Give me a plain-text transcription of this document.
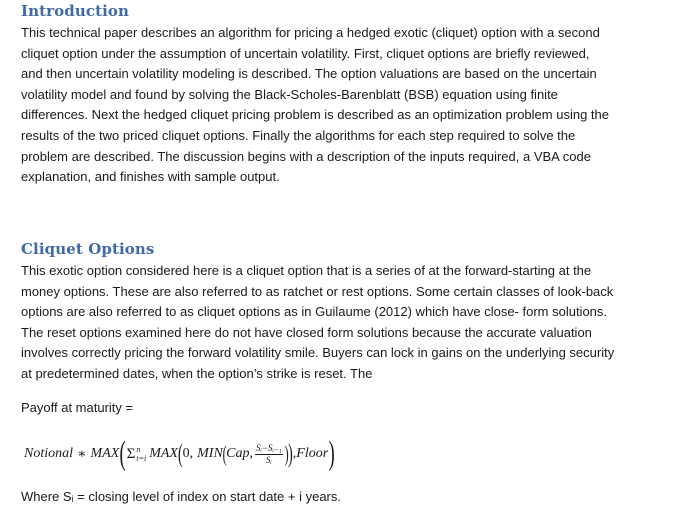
Introduction
This technical paper describes an algorithm for pricing a hedged exotic (cliquet) option with a second
cliquet option under the assumption of uncertain volatility. First, cliquet options are briefly reviewed,
and then uncertain volatility modeling is described. The option valuations are based on the uncertain
volatility model and found by solving the Black-Scholes-Barenblatt (BSB) equation using finite
differences. Next the hedged cliquet pricing problem is described as an optimization problem using the
results of the two priced cliquet options. Finally the algorithms for each step required to solve the
problem are described. The discussion begins with a description of the inputs required, a VBA code
explanation, and finishes with sample output.
Cliquet Options
This exotic option considered here is a cliquet option that is a series of at the forward-starting at the
money options. These are also referred to as ratchet or rest options. Some certain classes of look-back
options are also referred to as cliquet options as in Guilaume (2012) which have close- form solutions.
The reset options examined here do not have closed form solutions because the accurate valuation
involves correctly pricing the forward volatility smile. Buyers can lock in gains on the underlying security
at predetermined dates, when the option’s strike is reset. The
Payoff at maturity =
Notional ∗ MAX ( Σ n
t=i MAX ( 0, MIN ( Cap, $\frac{\text{Sᵢ−Sᵢ₋₁}}{\text{Sᵢ}}$ ) ) ,Floor )
Where Sᵢ = closing level of index on start date + i years.
